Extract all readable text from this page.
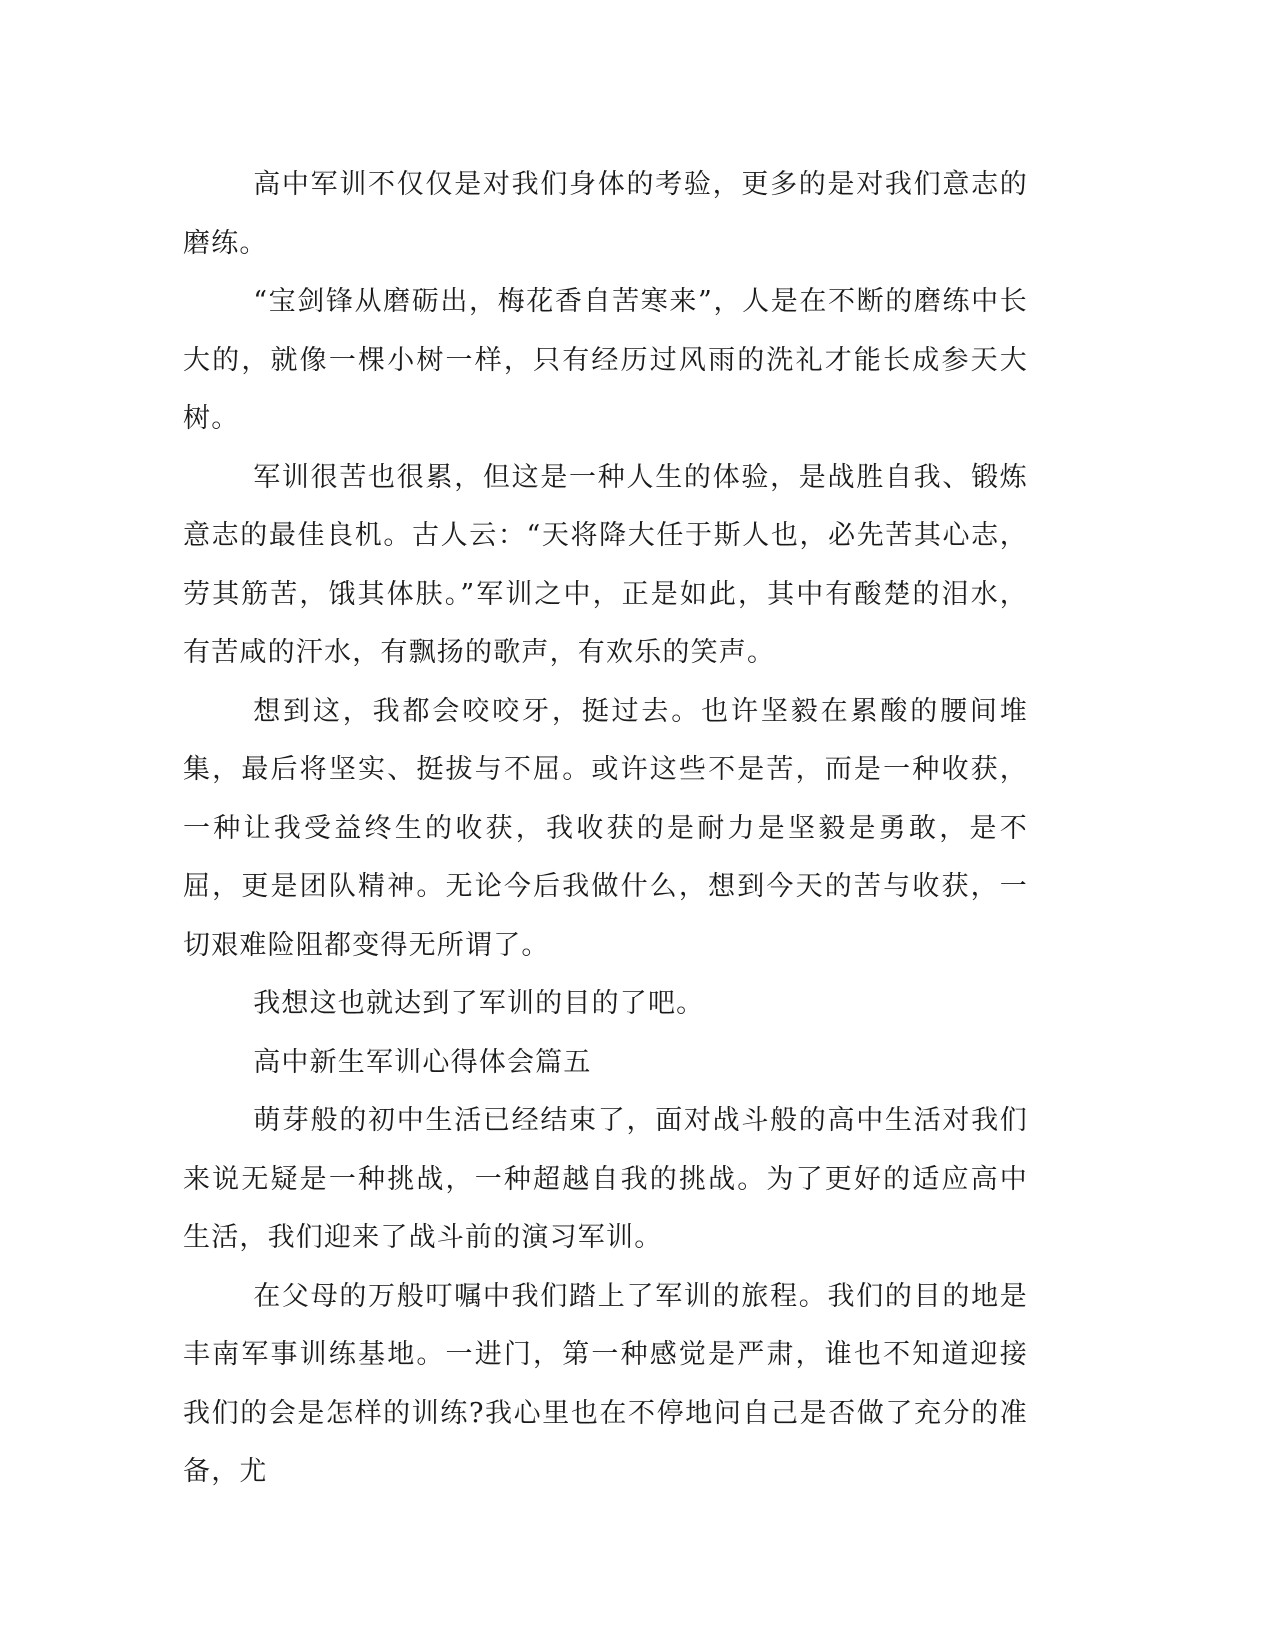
高中军训不仅仅是对我们身体的考验，更多的是对我们意志的磨练。

“宝剑锋从磨砺出，梅花香自苦寒来”，人是在不断的磨练中长大的，就像一棵小树一样，只有经历过风雨的洗礼才能长成参天大树。

军训很苦也很累，但这是一种人生的体验，是战胜自我、锻炼意志的最佳良机。古人云：“天将降大任于斯人也，必先苦其心志，劳其筋苦，饿其体肤。”军训之中，正是如此，其中有酸楚的泪水，有苦咸的汗水，有飘扬的歌声，有欢乐的笑声。

想到这，我都会咬咬牙，挺过去。也许坚毅在累酸的腰间堆集，最后将坚实、挺拔与不屈。或许这些不是苦，而是一种收获，一种让我受益终生的收获，我收获的是耐力是坚毅是勇敢，是不屈，更是团队精神。无论今后我做什么，想到今天的苦与收获，一切艰难险阻都变得无所谓了。

我想这也就达到了军训的目的了吧。

高中新生军训心得体会篇五

萌芽般的初中生活已经结束了，面对战斗般的高中生活对我们来说无疑是一种挑战，一种超越自我的挑战。为了更好的适应高中生活，我们迎来了战斗前的演习军训。

在父母的万般叮嘱中我们踏上了军训的旅程。我们的目的地是丰南军事训练基地。一进门，第一种感觉是严肃，谁也不知道迎接我们的会是怎样的训练?我心里也在不停地问自己是否做了充分的准备，尤
